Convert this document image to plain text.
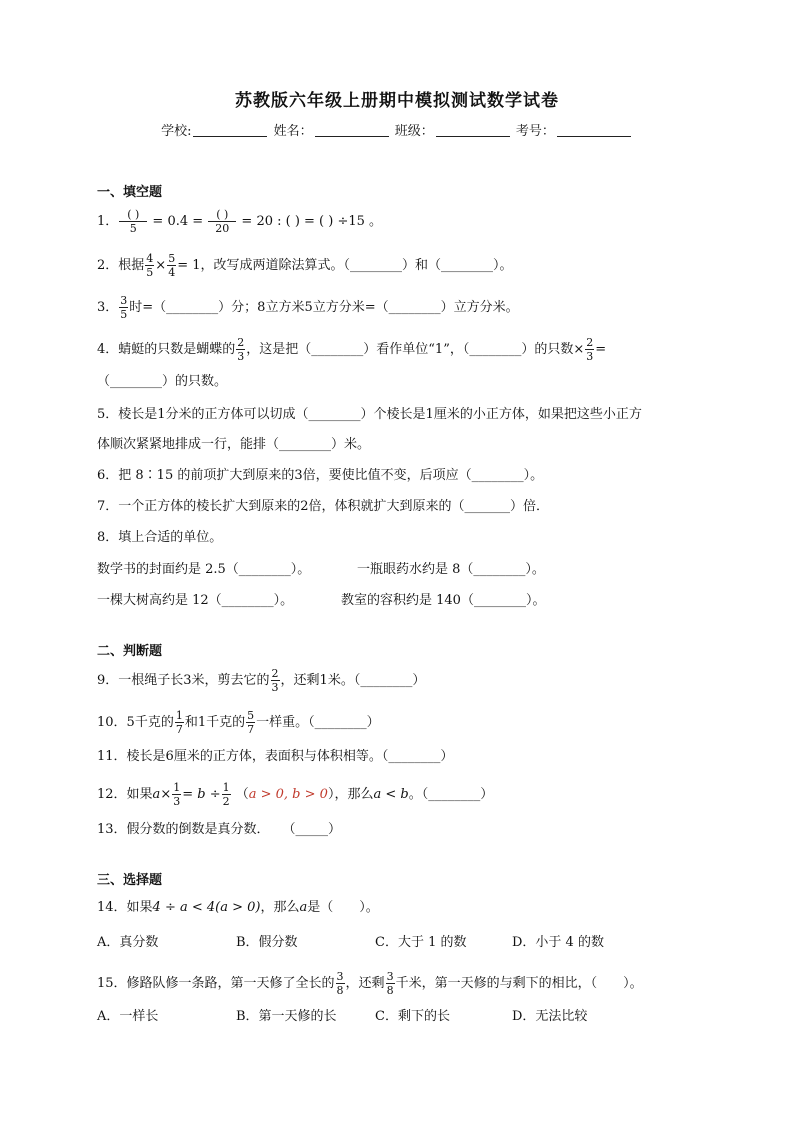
苏教版六年级上册期中模拟测试数学试卷
学校:	姓名：	班级：	考号：
一、填空题
1． $\frac{( )}{5} = 0.4 = \frac{( )}{20} = 20$ : ( ) = ( ) ÷15 。
2．根据 $\frac{4}{5} \times \frac{5}{4} = 1$，改写成两道除法算式。（________）和（________）。
3． $\frac{3}{5}$ 时=（________）分；8立方米5立方分米=（________）立方分米。
4．蜻蜓的只数是蝴蝶的 $\frac{2}{3}$ ，这是把（________）看作单位“1”，（________）的只数× $\frac{2}{3}$ =
（________）的只数。
5．棱长是1分米的正方体可以切成（________）个棱长是1厘米的小正方体，如果把这些小正方
体顺次紧紧地排成一行，能排（________）米。
6．把 8∶15 的前项扩大到原来的3倍，要使比值不变，后项应（________）。
7．一个正方体的棱长扩大到原来的2倍，体积就扩大到原来的（_______）倍．
8．填上合适的单位。
数学书的封面约是 2.5（________）。	一瓶眼药水约是 8（________）。
一棵大树高约是 12（________）。	教室的容积约是 140（________）。
二、判断题
9．一根绳子长3米，剪去它的 $\frac{2}{3}$ ，还剩1米。（________）
10．5千克的 $\frac{1}{7}$ 和1千克的 $\frac{5}{7}$ 一样重。（________）
11．棱长是6厘米的正方体，表面积与体积相等。（________）
12．如果$a\times \frac{1}{3} = b \div \frac{1}{2} (a > 0$, b > 0），那么a < b。（________）
13．假分数的倒数是真分数．　　（_____）
三、选择题
14．如果4 ÷ a < 4(a > 0)，那么a是（　　）。
A．真分数	B．假分数	C．大于 1 的数	D．小于 4 的数
15．修路队修一条路，第一天修了全长的 $\frac{3}{8}$ ，还剩 $\frac{3}{8}$ 千米，第一天修的与剩下的相比，（　　）。
A．一样长	B．第一天修的长	C．剩下的长	D．无法比较
